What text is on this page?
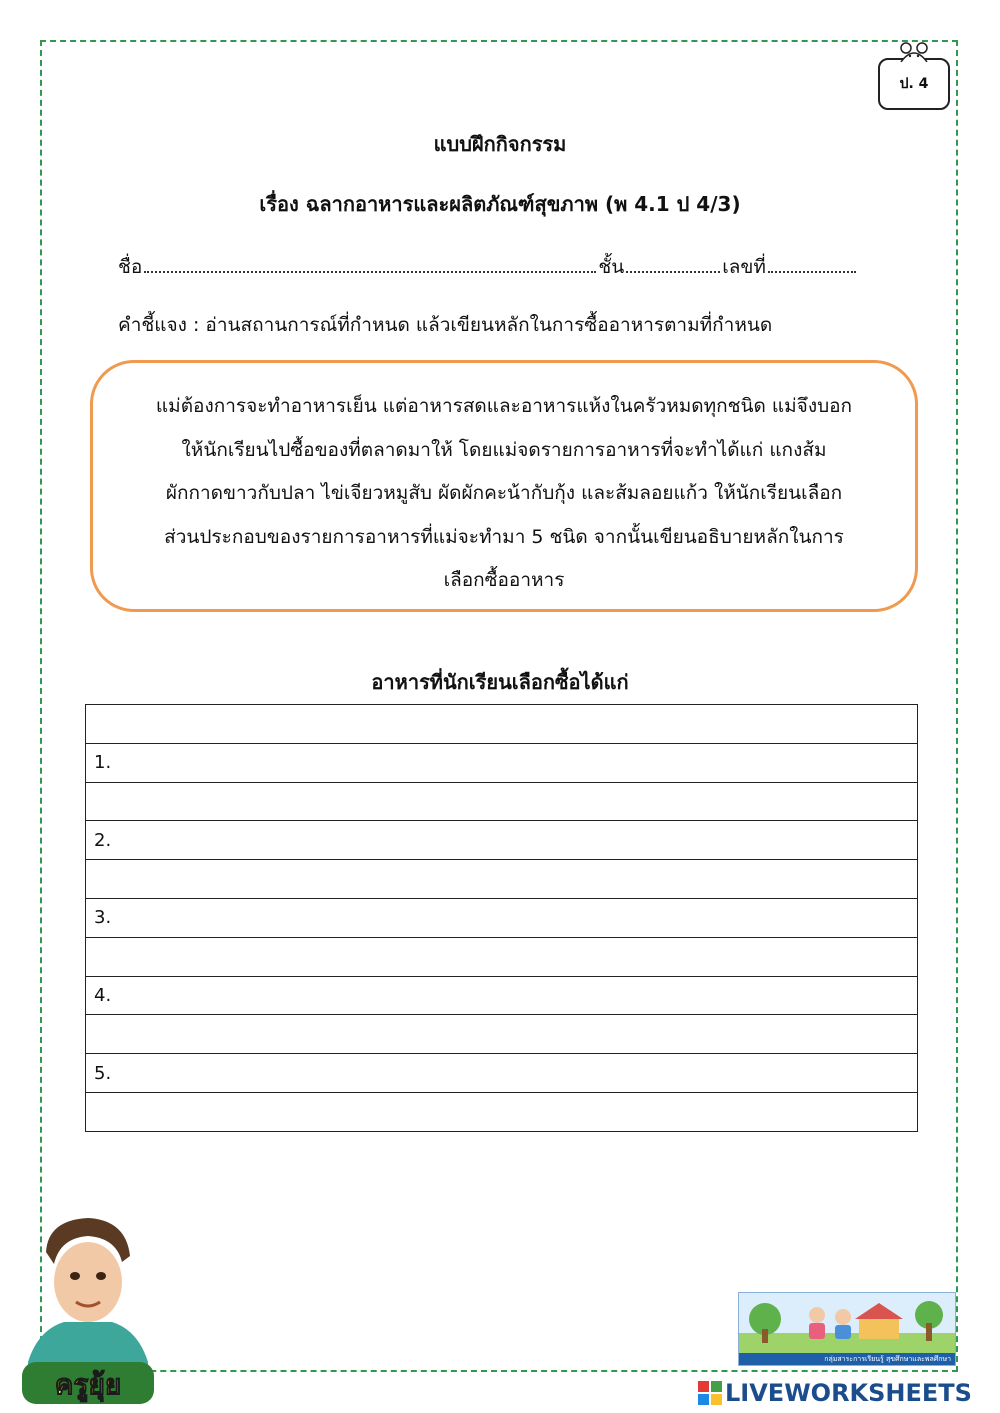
ป. 4
แบบฝึกกิจกรรม
เรื่อง ฉลากอาหารและผลิตภัณฑ์สุขภาพ (พ 4.1 ป 4/3)
ชื่อ	ชั้น	เลขที่
คำชี้แจง : อ่านสถานการณ์ที่กำหนด แล้วเขียนหลักในการซื้ออาหารตามที่กำหนด

แม่ต้องการจะทำอาหารเย็น แต่อาหารสดและอาหารแห้งในครัวหมดทุกชนิด แม่จึงบอก

ให้นักเรียนไปซื้อของที่ตลาดมาให้ โดยแม่จดรายการอาหารที่จะทำได้แก่ แกงส้ม

ผักกาดขาวกับปลา ไข่เจียวหมูสับ ผัดผักคะน้ากับกุ้ง และส้มลอยแก้ว ให้นักเรียนเลือก

ส่วนประกอบของรายการอาหารที่แม่จะทำมา 5 ชนิด จากนั้นเขียนอธิบายหลักในการ

เลือกซื้ออาหาร

อาหารที่นักเรียนเลือกซื้อได้แก่

1.

2.

3.

4.

5.

ครูยุ้ย
กลุ่มสาระการเรียนรู้ สุขศึกษาและพลศึกษา
LIVEWORKSHEETS
